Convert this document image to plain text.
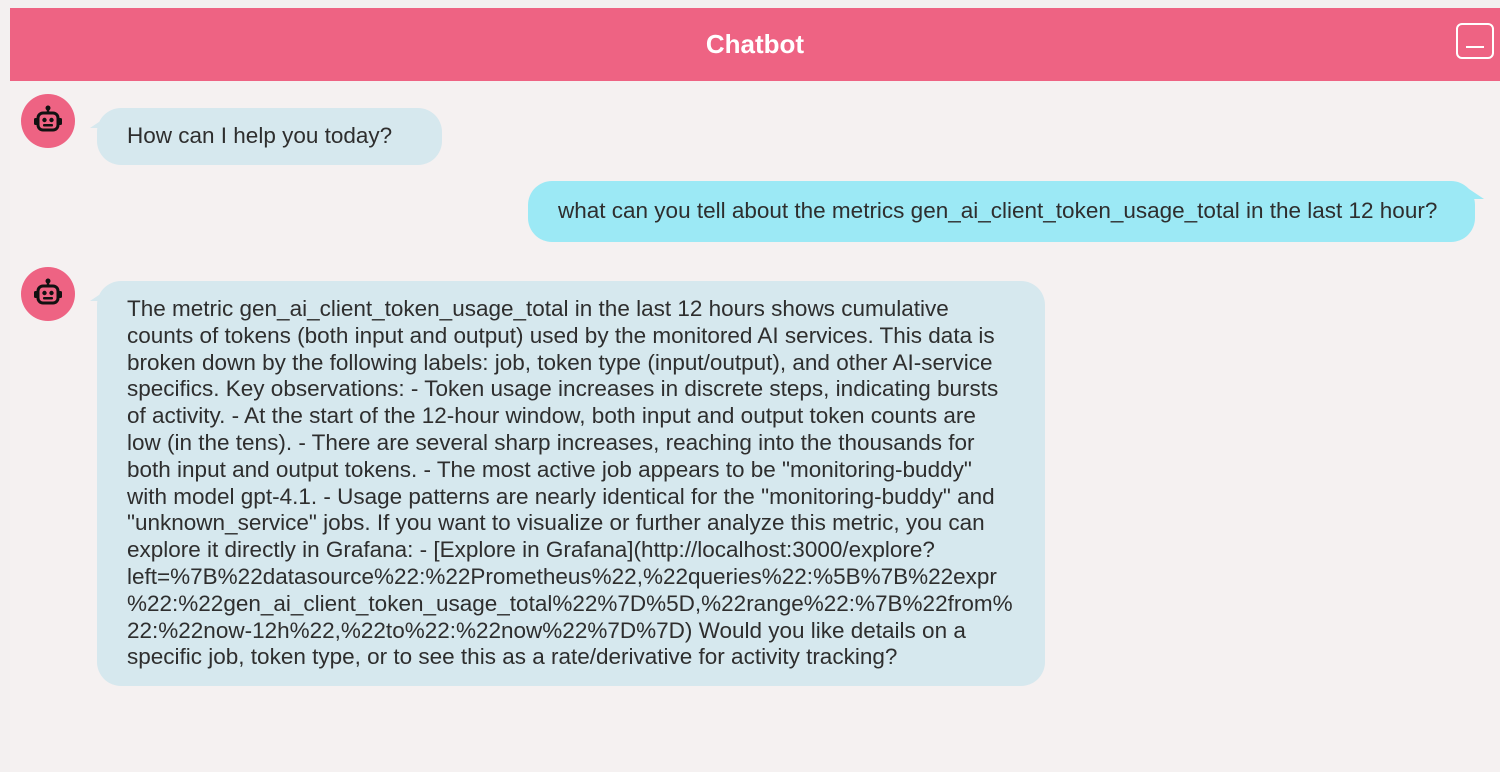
Chatbot
How can I help you today?
what can you tell about the metrics gen_ai_client_token_usage_total in the last 12 hour?
The metric gen_ai_client_token_usage_total in the last 12 hours shows cumulative counts of tokens (both input and output) used by the monitored AI services. This data is broken down by the following labels: job, token type (input/output), and other AI-service specifics. Key observations: - Token usage increases in discrete steps, indicating bursts of activity. - At the start of the 12-hour window, both input and output token counts are low (in the tens). - There are several sharp increases, reaching into the thousands for both input and output tokens. - The most active job appears to be "monitoring-buddy" with model gpt-4.1. - Usage patterns are nearly identical for the "monitoring-buddy" and "unknown_service" jobs. If you want to visualize or further analyze this metric, you can explore it directly in Grafana: - [Explore in Grafana](http://localhost:3000/explore?left=%7B%22datasource%22:%22Prometheus%22,%22queries%22:%5B%7B%22expr%22:%22gen_ai_client_token_usage_total%22%7D%5D,%22range%22:%7B%22from%22:%22now-12h%22,%22to%22:%22now%22%7D%7D) Would you like details on a specific job, token type, or to see this as a rate/derivative for activity tracking?
